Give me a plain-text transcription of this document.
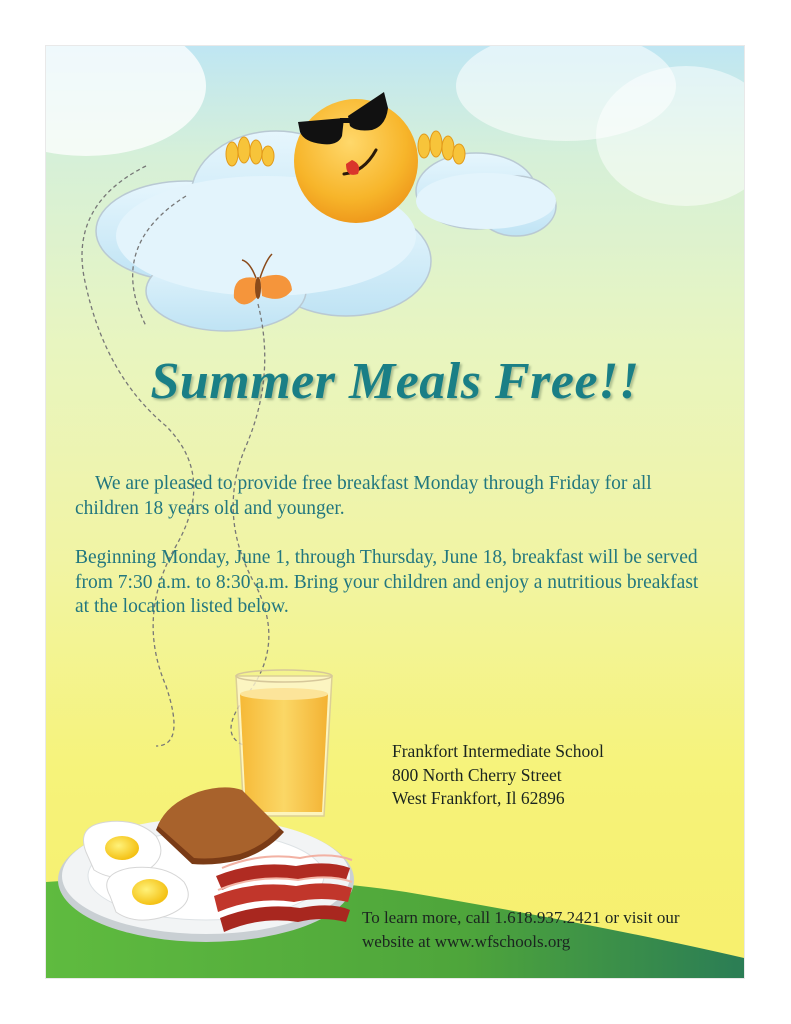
Summer Meals Free!!

We are pleased to provide free breakfast Monday through Friday for all children 18 years old and younger.

Beginning Monday, June 1, through Thursday, June 18, breakfast will be served from 7:30 a.m. to 8:30 a.m. Bring your children and enjoy a nutritious breakfast at the location listed below.

Frankfort Intermediate School
800 North Cherry Street
West Frankfort, Il 62896

To learn more, call 1.618.937.2421 or visit our website at www.wfschools.org
